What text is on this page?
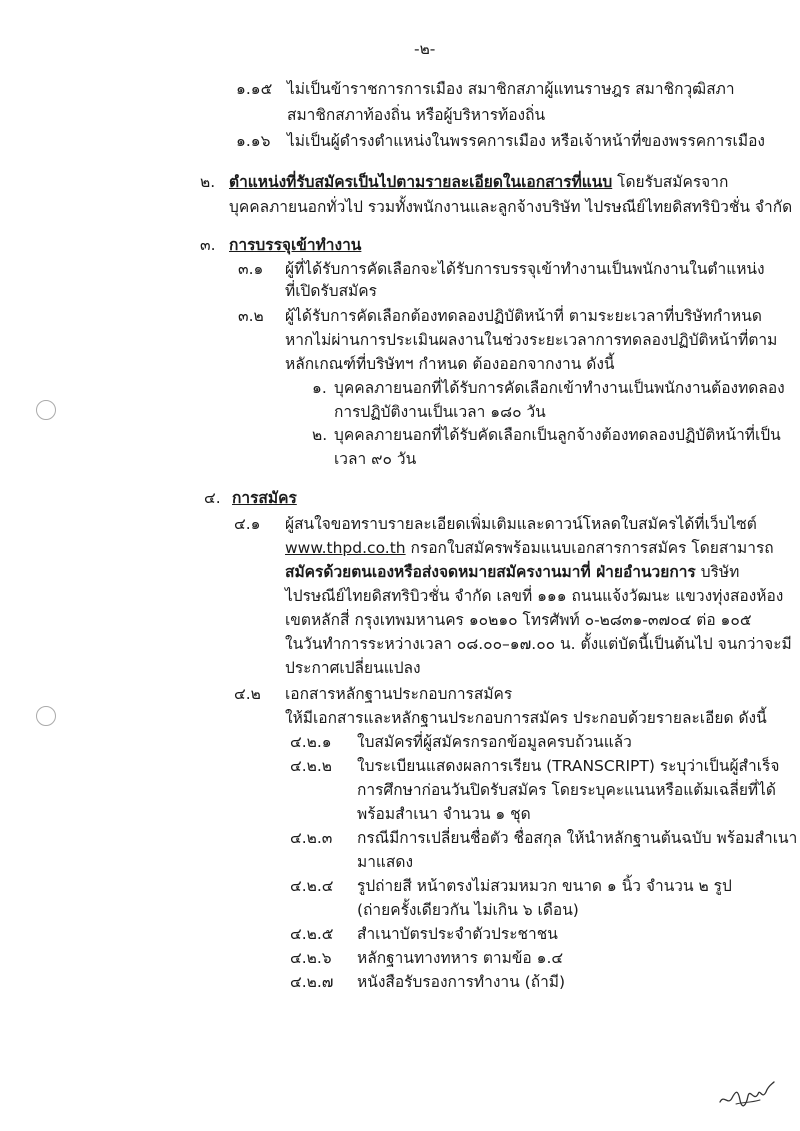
-๒-
๑.๑๕ ไม่เป็นข้าราชการการเมือง สมาชิกสภาผู้แทนราษฎร สมาชิกวุฒิสภา
สมาชิกสภาท้องถิ่น หรือผู้บริหารท้องถิ่น
๑.๑๖ ไม่เป็นผู้ดำรงตำแหน่งในพรรคการเมือง หรือเจ้าหน้าที่ของพรรคการเมือง
๒. ตำแหน่งที่รับสมัครเป็นไปตามรายละเอียดในเอกสารที่แนบ โดยรับสมัครจาก
บุคคลภายนอกทั่วไป รวมทั้งพนักงานและลูกจ้างบริษัท ไปรษณีย์ไทยดิสทริบิวชั่น จำกัด
๓. การบรรจุเข้าทำงาน
๓.๑ ผู้ที่ได้รับการคัดเลือกจะได้รับการบรรจุเข้าทำงานเป็นพนักงานในตำแหน่ง
ที่เปิดรับสมัคร
๓.๒ ผู้ได้รับการคัดเลือกต้องทดลองปฏิบัติหน้าที่ ตามระยะเวลาที่บริษัทกำหนด
หากไม่ผ่านการประเมินผลงานในช่วงระยะเวลาการทดลองปฏิบัติหน้าที่ตาม
หลักเกณฑ์ที่บริษัทฯ กำหนด ต้องออกจากงาน ดังนี้
๑. บุคคลภายนอกที่ได้รับการคัดเลือกเข้าทำงานเป็นพนักงานต้องทดลอง
การปฏิบัติงานเป็นเวลา ๑๘๐ วัน
๒. บุคคลภายนอกที่ได้รับคัดเลือกเป็นลูกจ้างต้องทดลองปฏิบัติหน้าที่เป็น
เวลา ๙๐ วัน
๔. การสมัคร
๔.๑ ผู้สนใจขอทราบรายละเอียดเพิ่มเติมและดาวน์โหลดใบสมัครได้ที่เว็บไซต์
www.thpd.co.th กรอกใบสมัครพร้อมแนบเอกสารการสมัคร โดยสามารถ
สมัครด้วยตนเองหรือส่งจดหมายสมัครงานมาที่ ฝ่ายอำนวยการ บริษัท
ไปรษณีย์ไทยดิสทริบิวชั่น จำกัด เลขที่ ๑๑๑ ถนนแจ้งวัฒนะ แขวงทุ่งสองห้อง
เขตหลักสี่ กรุงเทพมหานคร ๑๐๒๑๐ โทรศัพท์ ๐-๒๘๓๑-๓๗๐๔ ต่อ ๑๐๕
ในวันทำการระหว่างเวลา ๐๘.๐๐–๑๗.๐๐ น. ตั้งแต่บัดนี้เป็นต้นไป จนกว่าจะมี
ประกาศเปลี่ยนแปลง
๔.๒ เอกสารหลักฐานประกอบการสมัคร
ให้มีเอกสารและหลักฐานประกอบการสมัคร ประกอบด้วยรายละเอียด ดังนี้
๔.๒.๑ ใบสมัครที่ผู้สมัครกรอกข้อมูลครบถ้วนแล้ว
๔.๒.๒ ใบระเบียนแสดงผลการเรียน (TRANSCRIPT) ระบุว่าเป็นผู้สำเร็จ
การศึกษาก่อนวันปิดรับสมัคร โดยระบุคะแนนหรือแต้มเฉลี่ยที่ได้
พร้อมสำเนา จำนวน ๑ ชุด
๔.๒.๓ กรณีมีการเปลี่ยนชื่อตัว ชื่อสกุล ให้นำหลักฐานต้นฉบับ พร้อมสำเนา
มาแสดง
๔.๒.๔ รูปถ่ายสี หน้าตรงไม่สวมหมวก ขนาด ๑ นิ้ว จำนวน ๒ รูป
(ถ่ายครั้งเดียวกัน ไม่เกิน ๖ เดือน)
๔.๒.๕ สำเนาบัตรประจำตัวประชาชน
๔.๒.๖ หลักฐานทางทหาร ตามข้อ ๑.๔
๔.๒.๗ หนังสือรับรองการทำงาน (ถ้ามี)
